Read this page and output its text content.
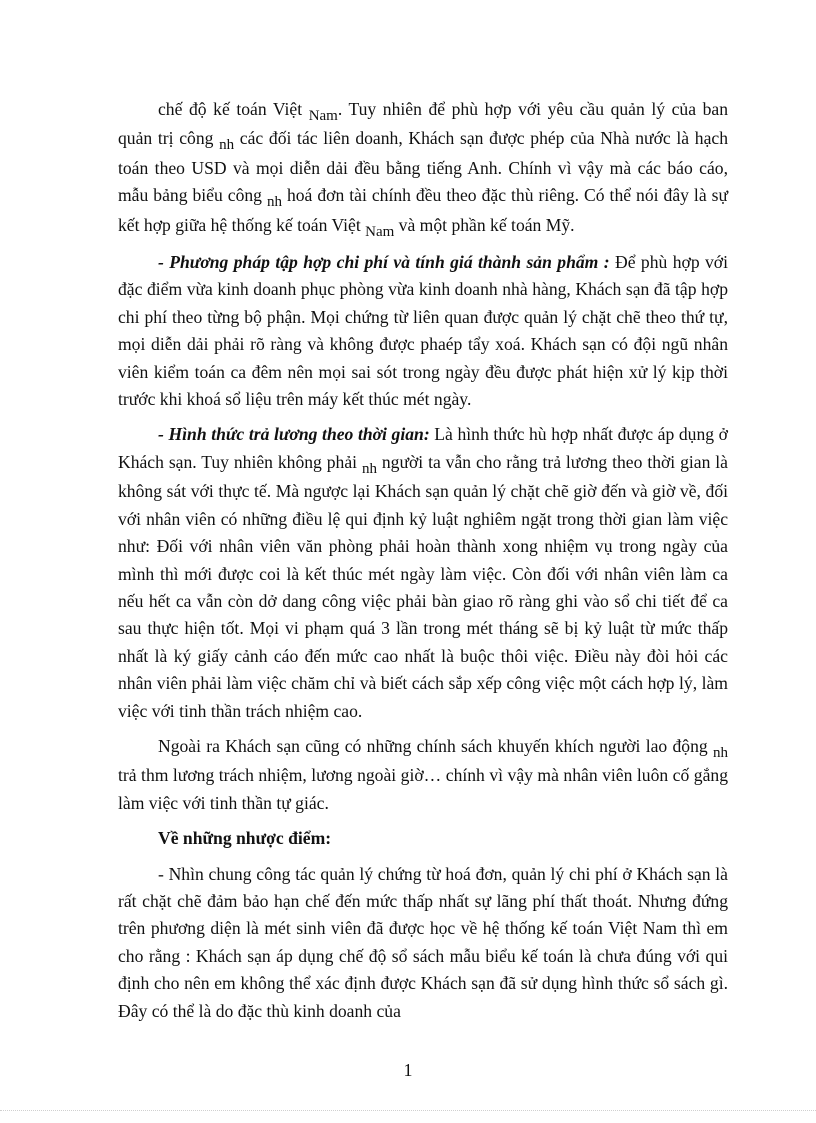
chế độ kế toán Việt Nam. Tuy nhiên để phù hợp với yêu cầu quản lý của ban quản trị công nh các đối tác liên doanh, Khách sạn được phép của Nhà nước là hạch toán theo USD và mọi diễn dải đều bằng tiếng Anh. Chính vì vậy mà các báo cáo, mẫu bảng biểu công nh hoá đơn tài chính đều theo đặc thù riêng. Có thể nói đây là sự kết hợp giữa hệ thống kế toán Việt Nam và một phần kế toán Mỹ.

- Phương pháp tập hợp chi phí và tính giá thành sản phẩm : Để phù hợp với đặc điểm vừa kinh doanh phục phòng vừa kinh doanh nhà hàng, Khách sạn đã tập hợp chi phí theo từng bộ phận. Mọi chứng từ liên quan được quản lý chặt chẽ theo thứ tự, mọi diễn dải phải rõ ràng và không được phaép tẩy xoá. Khách sạn có đội ngũ nhân viên kiểm toán ca đêm nên mọi sai sót trong ngày đều được phát hiện xử lý kịp thời trước khi khoá sổ liệu trên máy kết thúc mét ngày.

- Hình thức trả lương theo thời gian: Là hình thức hù hợp nhất được áp dụng ở Khách sạn. Tuy nhiên không phải nh người ta vẫn cho rằng trả lương theo thời gian là không sát với thực tế. Mà ngược lại Khách sạn quản lý chặt chẽ giờ đến và giờ về, đối với nhân viên có những điều lệ qui định kỷ luật nghiêm ngặt trong thời gian làm việc như: Đối với nhân viên văn phòng phải hoàn thành xong nhiệm vụ trong ngày của mình thì mới được coi là kết thúc mét ngày làm việc. Còn đối với nhân viên làm ca nếu hết ca vẫn còn dở dang công việc phải bàn giao rõ ràng ghi vào sổ chi tiết để ca sau thực hiện tốt. Mọi vi phạm quá 3 lần trong mét tháng sẽ bị kỷ luật từ mức thấp nhất là ký giấy cảnh cáo đến mức cao nhất là buộc thôi việc. Điều này đòi hỏi các nhân viên phải làm việc chăm chỉ và biết cách sắp xếp công việc một cách hợp lý, làm việc với tinh thần trách nhiệm cao.

Ngoài ra Khách sạn cũng có những chính sách khuyến khích người lao động nh trả thm lương trách nhiệm, lương ngoài giờ… chính vì vậy mà nhân viên luôn cố gắng làm việc với tinh thần tự giác.

Về những nhược điểm:

- Nhìn chung công tác quản lý chứng từ hoá đơn, quản lý chi phí ở Khách sạn là rất chặt chẽ đảm bảo hạn chế đến mức thấp nhất sự lãng phí thất thoát. Nhưng đứng trên phương diện là mét sinh viên đã được học về hệ thống kế toán Việt Nam thì em cho rằng : Khách sạn áp dụng chế độ sổ sách mẫu biểu kế toán là chưa đúng với qui định cho nên em không thể xác định được Khách sạn đã sử dụng hình thức sổ sách gì. Đây có thể là do đặc thù kinh doanh của

1
